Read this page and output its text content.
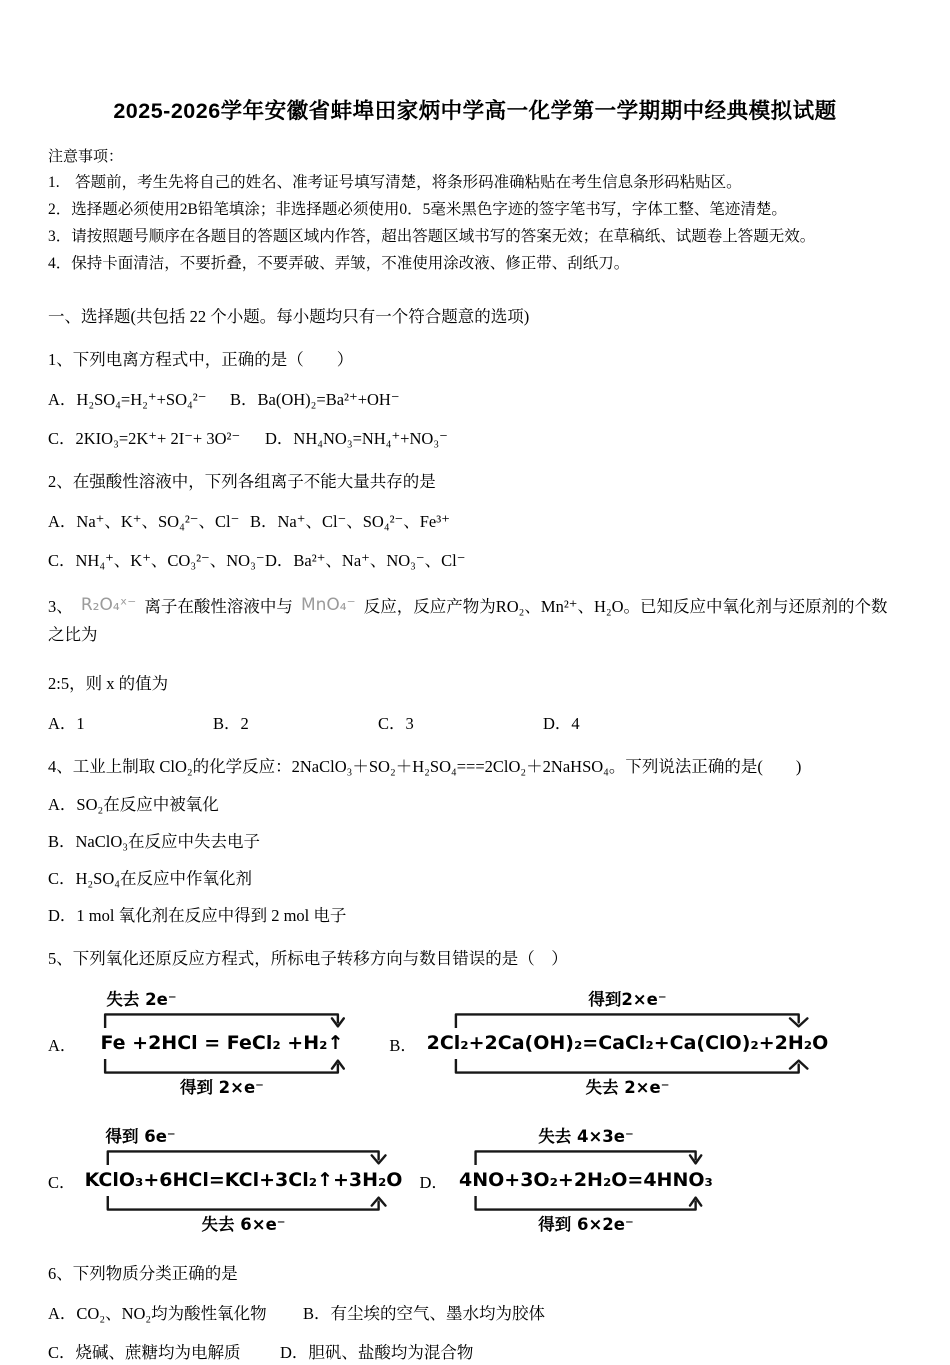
2025-2026学年安徽省蚌埠田家炳中学高一化学第一学期期中经典模拟试题
注意事项：
1.　答题前，考生先将自己的姓名、准考证号填写清楚，将条形码准确粘贴在考生信息条形码粘贴区。
2．选择题必须使用2B铅笔填涂；非选择题必须使用0．5毫米黑色字迹的签字笔书写，字体工整、笔迹清楚。
3．请按照题号顺序在各题目的答题区域内作答，超出答题区域书写的答案无效；在草稿纸、试题卷上答题无效。
4．保持卡面清洁，不要折叠，不要弄破、弄皱，不准使用涂改液、修正带、刮纸刀。
一、选择题(共包括 22 个小题。每小题均只有一个符合题意的选项)
1、下列电离方程式中，正确的是（　　）
A．H₂SO₄=H₂⁺+SO₄²⁻	B．Ba(OH)₂=Ba²⁺+OH⁻
C．2KIO₃=2K⁺+ 2I⁻+ 3O²⁻	D．NH₄NO₃=NH₄⁺+NO₃⁻
2、在强酸性溶液中，下列各组离子不能大量共存的是
A．Na⁺、K⁺、SO₄²⁻、Cl⁻ B．Na⁺、Cl⁻、SO₄²⁻、Fe³⁺
C．NH₄⁺、K⁺、CO₃²⁻、NO₃⁻ D．Ba²⁺、Na⁺、NO₃⁻、Cl⁻
3、 R₂O₄ˣ⁻ 离子在酸性溶液中与 MnO₄⁻ 反应，反应产物为RO₂、Mn²⁺、H₂O。已知反应中氧化剂与还原剂的个数之比为
2:5，则 x 的值为
A．1	B．2	C．3	D．4
4、工业上制取 ClO₂的化学反应：2NaClO₃＋SO₂＋H₂SO₄===2ClO₂＋2NaHSO₄。下列说法正确的是(　　)
A．SO₂在反应中被氧化
B．NaClO₃在反应中失去电子
C．H₂SO₄在反应中作氧化剂
D．1 mol 氧化剂在反应中得到 2 mol 电子
5、下列氧化还原反应方程式，所标电子转移方向与数目错误的是（　）
A．
失去 2e⁻
Fe +2HCl = FeCl₂ +H₂↑
得到 2×e⁻
B．
得到2×e⁻
2Cl₂+2Ca(OH)₂=CaCl₂+Ca(ClO)₂+2H₂O
失去 2×e⁻
C．
得到 6e⁻
KClO₃+6HCl=KCl+3Cl₂↑+3H₂O
失去 6×e⁻
D．
失去 4×3e⁻
4NO+3O₂+2H₂O=4HNO₃
得到 6×2e⁻
6、下列物质分类正确的是
A．CO₂、NO₂均为酸性氧化物	B．有尘埃的空气、墨水均为胶体
C．烧碱、蔗糖均为电解质	D．胆矾、盐酸均为混合物
